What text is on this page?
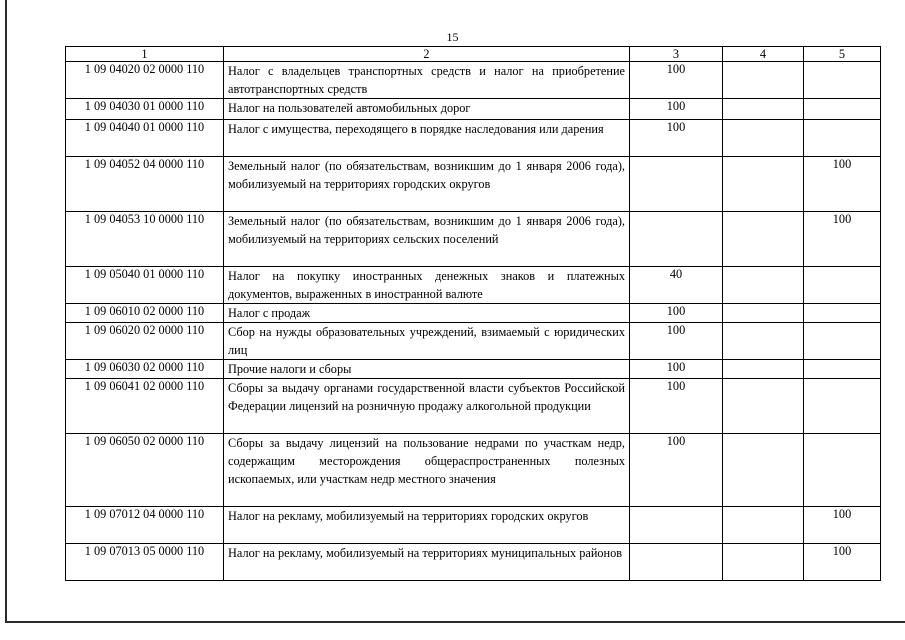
15
1	2	3	4	5
1 09 04020 02 0000 110	Налог с владельцев транспортных средств и налог на приобретение автотранспортных средств	100		
1 09 04030 01 0000 110	Налог на пользователей автомобильных дорог	100		
1 09 04040 01 0000 110	Налог с имущества, переходящего в порядке наследования или дарения	100		
1 09 04052 04 0000 110	Земельный налог (по обязательствам, возникшим до 1 января 2006 года), мобилизуемый на территориях городских округов			100
1 09 04053 10 0000 110	Земельный налог (по обязательствам, возникшим до 1 января 2006 года), мобилизуемый на территориях сельских поселений			100
1 09 05040 01 0000 110	Налог на покупку иностранных денежных знаков и платежных документов, выраженных в иностранной валюте	40		
1 09 06010 02 0000 110	Налог с продаж	100		
1 09 06020 02 0000 110	Сбор на нужды образовательных учреждений, взимаемый с юридических лиц	100		
1 09 06030 02 0000 110	Прочие налоги и сборы	100		
1 09 06041 02 0000 110	Сборы за выдачу органами государственной власти субъектов Российской Федерации лицензий на розничную продажу алкогольной продукции	100		
1 09 06050 02 0000 110	Сборы за выдачу лицензий на пользование недрами по участкам недр, содержащим месторождения общераспространенных полезных ископаемых, или участкам недр местного значения	100		
1 09 07012 04 0000 110	Налог на рекламу, мобилизуемый на территориях городских округов			100
1 09 07013 05 0000 110	Налог на рекламу, мобилизуемый на территориях муниципальных районов			100
